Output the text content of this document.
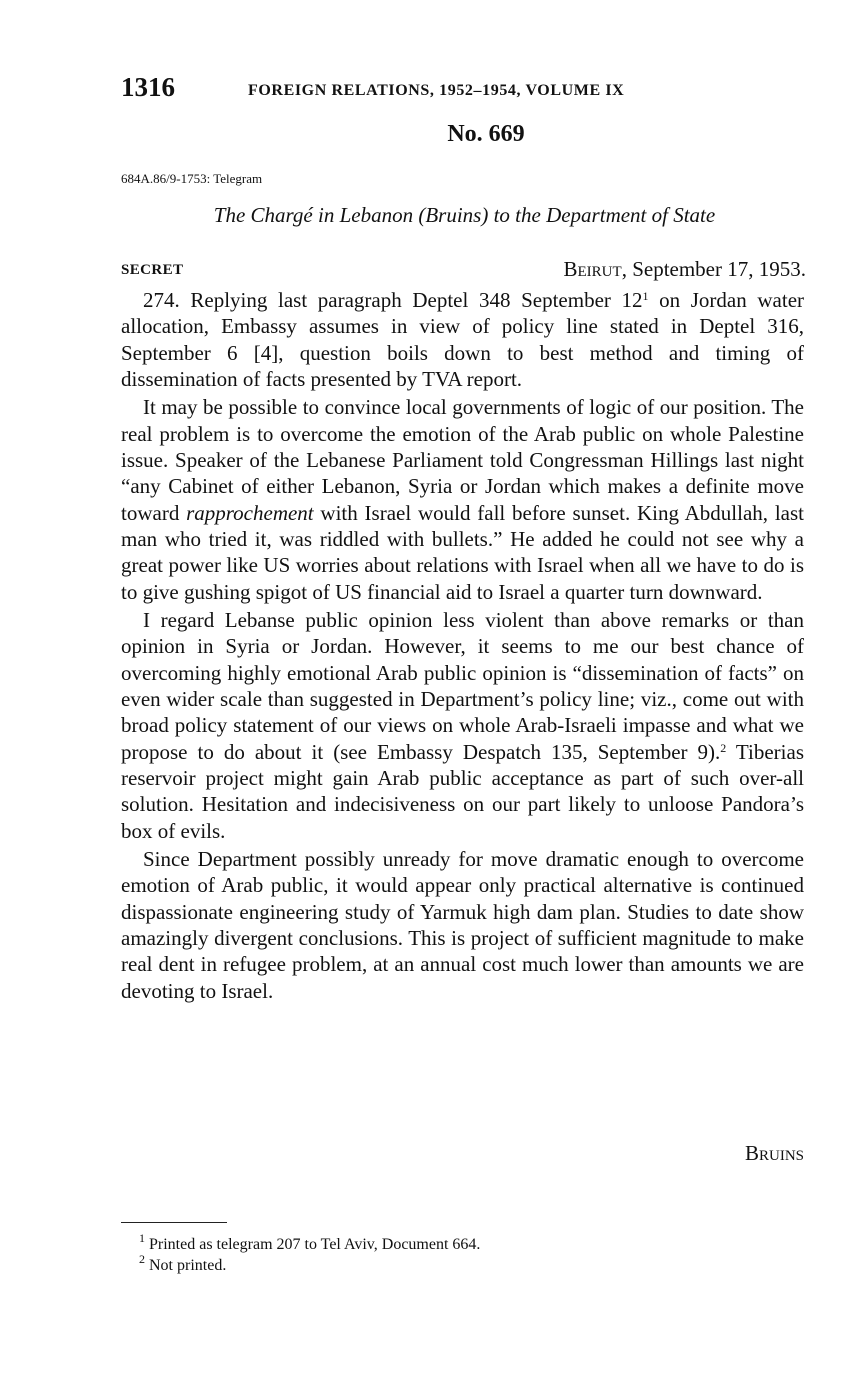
1316	FOREIGN RELATIONS, 1952–1954, VOLUME IX
No. 669
684A.86/9-1753: Telegram
The Chargé in Lebanon (Bruins) to the Department of State
SECRET	Beirut, September 17, 1953.

274. Replying last paragraph Deptel 348 September $12^1$ on Jordan water allocation, Embassy assumes in view of policy line stated in Deptel 316, September 6 [4], question boils down to best method and timing of dissemination of facts presented by TVA report.

It may be possible to convince local governments of logic of our position. The real problem is to overcome the emotion of the Arab public on whole Palestine issue. Speaker of the Lebanese Parliament told Congressman Hillings last night “any Cabinet of either Lebanon, Syria or Jordan which makes a definite move toward rapprochement with Israel would fall before sunset. King Abdullah, last man who tried it, was riddled with bullets.” He added he could not see why a great power like US worries about relations with Israel when all we have to do is to give gushing spigot of US financial aid to Israel a quarter turn downward.

I regard Lebanse public opinion less violent than above remarks or than opinion in Syria or Jordan. However, it seems to me our best chance of overcoming highly emotional Arab public opinion is “dissemination of facts” on even wider scale than suggested in Department’s policy line; viz., come out with broad policy statement of our views on whole Arab-Israeli impasse and what we propose to do about it (see Embassy Despatch 135, September 9).$^2$ Tiberias reservoir project might gain Arab public acceptance as part of such over-all solution. Hesitation and indecisiveness on our part likely to unloose Pandora’s box of evils.

Since Department possibly unready for move dramatic enough to overcome emotion of Arab public, it would appear only practical alternative is continued dispassionate engineering study of Yarmuk high dam plan. Studies to date show amazingly divergent conclusions. This is project of sufficient magnitude to make real dent in refugee problem, at an annual cost much lower than amounts we are devoting to Israel.

Bruins
$^1$ Printed as telegram 207 to Tel Aviv, Document 664.
$^2$ Not printed.
